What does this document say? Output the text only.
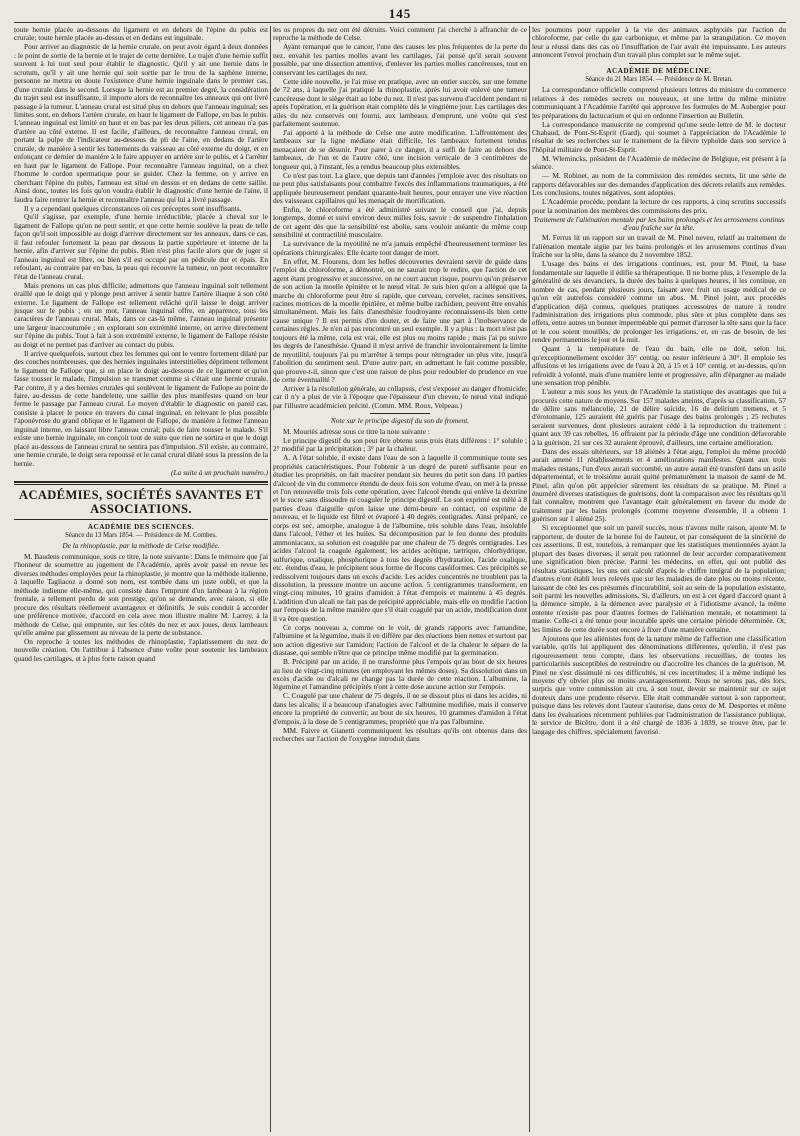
145

toute hernie placée au-dessous du ligament et en dehors de l'épine du pubis est crurale; toute hernie placée au-dessus et en dedans est inguinale.

Pour arriver au diagnostic de la hernie crurale, on peut avoir égard à deux données : le point de sortie de la hernie et le trajet de cette dernière. Le trajet d'une hernie suffit souvent à lui tout seul pour établir le diagnostic. Qu'il y ait une hernie dans le scrotum, qu'il y ait une hernie qui soit sortie par le trou de la saphène interne, personne ne mettra en doute l'existence d'une hernie inguinale dans le premier cas, d'une crurale dans le second. Lorsque la hernie est au premier degré, la considération du trajet seul est insuffisante, il importe alors de reconnaître les anneaux qui ont livré passage à la tumeur. L'anneau crural est situé plus en dehors que l'anneau inguinal; ses limites sont, en dehors l'artère crurale, en haut le ligament de Fallope, en bas le pubis. L'anneau inguinal est limité en haut et en bas par les deux piliers, cet anneau n'a pas d'artère au côté externe. Il est facile, d'ailleurs, de reconnaître l'anneau crural, en portant la pulpe de l'indicateur au-dessous du pli de l'aine, en dedans de l'artère crurale, de manière à sentir les battements du vaisseau au côté externe du doigt, et en enfonçant ce dernier de manière à le faire appuyer en arrière sur le pubis, et à l'arrêter en haut par le ligament de Fallope. Pour reconnaître l'anneau inguinal, on a chez l'homme le cordon spermatique pour se guider. Chez la femme, on y arrive en cherchant l'épine du pubis, l'anneau est situé en dessus et en dedans de cette saillie. Ainsi donc, toutes les fois qu'on voudra établir le diagnostic d'une hernie de l'aine, il faudra faire rentrer la hernie et reconnaître l'anneau qui lui a livré passage.

Il y a cependant quelques circonstances où ces préceptes sont insuffisants.

Qu'il s'agisse, par exemple, d'une hernie irréductible, placée à cheval sur le ligament de Fallope qu'on ne peut sentir, et que cette hernie soulève la peau de telle façon qu'il soit impossible au doigt d'arriver directement sur les anneaux, dans ce cas, il faut refouler fortement la peau par dessous la partie supérieure et interne de la hernie, afin d'arriver sur l'épine du pubis. Rien n'est plus facile alors que de juger si l'anneau inguinal est libre, ou bien s'il est occupé par un pédicule dur et épais. En refoulant, au contraire par en bas, la peau qui recouvre la tumeur, on peut reconnaître l'état de l'anneau crural.

Mais prenons un cas plus difficile; admettons que l'anneau inguinal soit tellement éraillé que le doigt qui y plonge peut arriver à sentir battre l'artère iliaque à son côté externe. Le ligament de Fallope est tellement relâché qu'il laisse le doigt arriver jusque sur le pubis ; en un mot, l'anneau inguinal offre, en apparence, tous les caractères de l'anneau crural. Mais, dans ce cas-là même, l'anneau inguinal présente une largeur inaccoutumée ; en explorant son extrémité interne, on arrive directement sur l'épine du pubis. Tout à fait à son extrémité externe, le ligament de Fallope résiste au doigt et ne permet pas d'arriver au contact du pubis.

Il arrive quelquefois, surtout chez les femmes qui ont le ventre fortement dilaté par des couches nombreuses, que des hernies inguinales interstitielles dépriment tellement le ligament de Fallope que, si on place le doigt au-dessous de ce ligament et qu'on fasse tousser le malade, l'impulsion se transmet comme si c'était une hernie crurale. Par contre, il y a des hernies crurales qui soulèvent le ligament de Fallope au point de faire, au-dessus de cette bandelette, une saillie des plus manifestes quand on leur ferme le passage par l'anneau crural. Le moyen d'établir le diagnostic en pareil cas, consiste à placer le pouce en travers du canal inguinal, en relevant le plus possible l'aponévrose du grand oblique et le ligament de Fallope, de manière à fermer l'anneau inguinal interne, en laissant libre l'anneau crural; puis de faire tousser le malade. S'il existe une hernie inguinale, on conçoit tout de suite que rien ne sortira et que le doigt placé au-dessous de l'anneau crural ne sentira pas d'impulsion. S'il existe, au contraire, une hernie crurale, le doigt sera repoussé et le canal crural dilaté sous la pression de la hernie.

(La suite à un prochain numéro.)

ACADÉMIES, SOCIÉTÉS SAVANTES ET ASSOCIATIONS.

ACADÉMIE DES SCIENCES.

Séance du 13 Mars 1854. — Présidence de M. Combes.

De la rhinoplastie, par la méthode de Celse modifiée.

M. Baudens communique, sous ce titre, la note suivante : Dans le mémoire que j'ai l'honneur de soumettre au jugement de l'Académie, après avoir passé en revue les diverses méthodes employées pour la rhinoplastie, je montre que la méthode italienne, à laquelle Tagliacoz a donné son nom, est tombée dans un juste oubli, et que la méthode indienne elle-même, qui consiste dans l'emprunt d'un lambeau à la région frontale, a tellement perdu de son prestige, qu'on se demande, avec raison, si elle procure des résultats réellement avantageux et définitifs. Je suis conduit à accorder une préférence motivée, d'accord en cela avec mon illustre maître M. Larrey, à la méthode de Celse, qui emprunte, sur les côtés du nez et aux joues, deux lambeaux qu'elle amène par glissement au niveau de la perte de substance.

On reproche à toutes les méthodes de rhinoplastie, l'aplatissement du nez de nouvelle création. On l'attribue à l'absence d'une voûte pour soutenir les lambeaux quand les cartilages, et à plus forte raison quand

les os propres du nez ont été détruits. Voici comment j'ai cherché à affranchir de ce reproche la méthode de Celse.

Ayant remarqué que le cancer, l'une des causes les plus fréquentes de la perte du nez, envahit les parties molles avant les cartilages, j'ai pensé qu'il serait souvent possible, par une dissection attentive, d'enlever les parties molles cancéreuses, tout en conservant les cartilages du nez.

Cette idée nouvelle, je l'ai mise en pratique, avec un entier succès, sur une femme de 72 ans, à laquelle j'ai pratiqué la rhinoplastie, après lui avoir enlevé une tumeur cancéreuse dont le siège était au lobe du nez. Il n'est pas survenu d'accident pendant ni après l'opération, et la guérison était complète dès le vingtième jour. Les cartilages des ailes du nez conservés ont fourni, aux lambeaux d'emprunt, une voûte qui s'est parfaitement soutenue.

J'ai apporté à la méthode de Celse une autre modification. L'affrontement des lambeaux sur la ligne médiane était difficile, les lambeaux fortement tendus menaçaient de se désunir. Pour parer à ce danger, il a suffi de faire au dehors des lambeaux, de l'un et de l'autre côté, une incision verticale de 3 centimètres de longueur qui, à l'instant, les a rendus beaucoup plus extensibles.

Ce n'est pas tout. La glace, que depuis tant d'années j'emploie avec des résultats on ne peut plus satisfaisants pour combattre l'excès des inflammations traumatiques, a été appliquée heureusement pendant quarante-huit heures, pour enrayer une vive réaction des vaisseaux capillaires qui les menaçait de mortification.

Enfin, le chloroforme a été administré suivant le conseil que j'ai, depuis longtemps, donné et suivi environ deux milles fois, savoir : de suspendre l'inhalation de cet agent dès que la sensibilité est abolie, sans vouloir anéantir du même coup sensibilité et contractilité musculaire.

La survivance de la myotilité ne m'a jamais empêché d'heureusement terminer les opérations chirurgicales. Elle écarte tout danger de mort.

En effet, M. Flourens, dont les belles découvertes devraient servir de guide dans l'emploi du chloroforme, a démontré, on ne saurait trop le redire, que l'action de cet agent étant progressive et successive, on ne court aucun risque, pourvu qu'on préserve de son action la moelle épinière et le nœud vital. Je suis bien qu'on a allégué que la marche du chloroforme peut être si rapide, que cerveau, cervelet, racines sensitives, racines motrices de la moelle épinière, et même bulbe rachidien, peuvent être envahis simultanément. Mais les faits d'anesthésie foudroyante reconnaissent-ils bien cette cause unique ? Il est permis d'en douter, et de faire une part à l'inobservance de certaines règles. Je n'en ai pas rencontré un seul exemple. Il y a plus : la mort n'est pas toujours été la même, cela est vrai, elle est plus ou moins rapide ; mais j'ai pu suivre les degrés de l'anesthésie. Quand il m'est arrivé de franchir involontairement la limite de myotilité, toujours j'ai pu m'arrêter à temps pour rétrograder un plus vite, jusqu'à l'abolition du sentiment seul. D'une autre part, en admettant le fait comme possible, que prouve-t-il, sinon que c'est une raison de plus pour redoubler de prudence en vue de cette éventualité ?

Arriver à la résolution générale, au collapsus, c'est s'exposer au danger d'homicide; car il n'y a plus de vie à l'époque que l'épaisseur d'un cheveu, le nœud vital indiqué par l'illustre académicien précité. (Comm. MM. Roux, Velpeau.)

Note sur le principe digestif du son de froment.

M. Mouriès adresse sous ce titre la note suivante :

Le principe digestif du son peut être obtenu sous trois états différens : 1° soluble ; 2° modifié par la précipitation ; 3° par la chaleur.

A. A l'état soluble, il existe dans l'eau de son à laquelle il communique toute ses propriétés caractéristiques. Pour l'obtenir à un degré de pureté suffisante pour en étudier les propriétés, on fait macérer pendant six heures du petit son dans 10 parties d'alcool de vin du commerce étendu de deux fois son volume d'eau, on met à la presse et l'on renouvelle trois fois cette opération, avec l'alcool étendu qui enlève la dextrine et le sucre sans dissoudre ni coaguler le principe digestif. Le son exprimé est mêlé à 8 parties d'eau d'aiguille qu'on laisse une demi-heure en contact, on exprime de nouveau, et le liquide est filtré et évaporé à 40 degrés centigrades. Ainsi préparé, ce corps est sec, amorphe, analogue à de l'albumine, très soluble dans l'eau, insoluble dans l'alcool, l'éther et les huiles. Sa décomposition par le feu donne des produits ammoniacaux, sa solution est coagulée par une chaleur de 75 degrés centigrades. Les acides l'alcool la coagule également; les acides acétique, tartrique, chlorhydrique, sulfurique, oxalique, phosphorique à tous les degrés d'hydratation, l'acide oxalique, etc. étendus d'eau, le précipitent sous forme de flocons caséiformes. Ces précipités se redissolvent toujours dans un excès d'acide. Les acides concentrés ne troublent pas la dissolution, la pressure montre un aucune action. 5 centigrammes transforment, en vingt-cinq minutes, 10 grains d'amidon à l'état d'empois et maintenu à 45 degrés. L'addition d'un alcali ne fait pas de précipité appréciable, mais elle en modifie l'action sur l'empois de la même manière que s'il était coagulé par un acide, modification dont il va être question.

Ce corps nouveau a, comme on le voit, de grands rapports avec l'amandine, l'albumine et la légumine, mais il en diffère par des réactions bien nettes et surtout par son action digestive sur l'amidon; l'action de l'alcool et de la chaleur le sépare de la diastase, qui semble n'être que ce principe même modifié par la germination.

B. Précipité par un acide, il ne transforme plus l'empois qu'au bout de six heures au lieu de vingt-cinq minutes (en employant les mêmes doses). Sa dissolution dans un excès d'acide ou d'alcali ne change pas la durée de cette réaction. L'albumine, la légumine et l'amandine précipités n'ont à cette dose aucune action sur l'empois.

C. Coagulé par une chaleur de 75 degrés, il ne se dissout plus ni dans les acides, ni dans les alcalis; il a beaucoup d'analogies avec l'albumine modifiée, mais il conserve encore la propriété de convertir, au bout de six heures, 10 grammes d'amidon à l'état d'empois, à la dose de 5 centigrammes, propriété que n'a pas l'albumine.

MM. Faivre et Gianetti communiquent les résultats qu'ils ont obtenus dans des recherches sur l'action de l'oxygène introduit dans

les poumons pour rappeler à la vie des animaux asphyxiés par l'action du chloroforme, par celle du gaz carbonique, et même par la strangulation. Ce moyen leur a réussi dans des cas où l'insufflation de l'air avait été impuissante. Les auteurs annoncent l'envoi prochain d'un travail plus complet sur le même sujet.

ACADÉMIE DE MÉDECINE.

Séance du 21 Mars 1854. — Présidence de M. Bretan.

La correspondance officielle comprend plusieurs lettres du ministre du commerce relatives à des remèdes secrets ou nouveaux, et une lettre du même ministre communiquant à l'Académie l'arrêté qui approuve les formules de M. Aubergier pour les préparations du lactucarium et qui en ordonne l'insertion au Bulletin.

La correspondance manuscrite ne comprend qu'une seule lettre de M. le docteur Chabaud, de Pont-St-Esprit (Gard), qui soumet à l'appréciation de l'Académie le résultat de ses recherches sur le traitement de la fièvre typhoïde dans son service à l'hôpital militaire de Pont-St-Esprit.

M. Wlemincks, président de l'Académie de médecine de Belgique, est présent à la séance.

— M. Robinet, au nom de la commission des remèdes secrets, lit une série de rapports défavorables sur des demandes d'application des décrets relatifs aux remèdes. Les conclusions, toutes négatives, sont adoptées.

L'Académie procède, pendant la lecture de ces rapports, à cinq scrutins successifs pour la nomination des membres des commissions des prix.

Traitement de l'aliénation mentale par les bains prolongés et les arrosemens continus d'eau fraîche sur la tête.

M. Ferrus lit un rapport sur un travail de M. Pinel neveu, relatif au traitement de l'aliénation mentale aigüe par les bains prolongés et les arrosemens continus d'eau fraîche sur la tête, dans la séance du 2 novembre 1852.

L'usage des bains et des irrigations continues, est, pour M. Pinel, la base fondamentale sur laquelle il édifie sa thérapeutique. Il ne borne plus, à l'exemple de la généralité de ses devanciers, la durée des bains à quelques heures, il les continue, en nombre de cas, pendant plusieurs jours, faisant avec fruit un usage médical de ce qu'on eût autrefois considéré comme un abus. M. Pinel joint, aux procédés d'application déjà connus, quelques pratiques accessoires de nature à rendre l'administration des irrigations plus commode, plus sûre et plus complète dans ses effets, entre autres un bonnet imperméable qui permet d'arroser la tête sans que la face et le cou soient mouillés, de prolonger les irrigations, et, en cas de besoin, de les rendre permanentes le jour et la nuit.

Quant à la température de l'eau du bain, elle ne doit, selon lui, qu'exceptionnellement excéder 35° centig. ou rester inférieure à 30°. Il emploie les affusions et les irrigations avec de l'eau à 20, à 15 et à 10° centig. et au-dessus, qu'on refroidit à volonté, mais d'une manière lente et progressive, afin d'épargner au malade une sensation trop pénible.

L'auteur a mis sous les yeux de l'Académie la statistique des avantages que lui a procurés cette nature de moyens. Sur 157 malades atteints, d'après sa classification, 57 de délire sans mélancolie, 21 de délire suicide, 16 de delirium tremens, et 5 d'érotomanie, 125 auraient été guéris par l'usage des bains prolongés ; 25 rechutes seraient survenues, dont plusieurs auraient cédé à la reproduction du traitement : quant aux 39 cas rebelles, 16 offraient par la période d'âge une condition défavorable à la guérison, 21 sur ces 32 auraient éprouvé, d'ailleurs, une certaine amélioration.

Dans des essais ultérieurs, sur 18 aliénés à l'état aigu, l'emploi du même procédé aurait amené 11 rétablissements et 4 améliorations manifestes. Quant aux trois malades restans, l'un d'eux aurait succombé, un autre aurait été transféré dans un asile départemental, et le troisième aurait quitté prématurément la maison de santé de M. Pinel, afin qu'on pût apprécier sûrement les résultats de sa pratique. M. Pinel a énuméré diverses statistiques de guérisons, dont la comparaison avec les résultats qu'il fait connaître, montrent que l'avantage était généralement en faveur du mode de traitement par les bains prolongés (comme moyenne d'ensemble, il a obtenu 1 guérison sur 1 aliéné 25).

Si exceptionnel que soit un pareil succès, nous n'avons nulle raison, ajoute M. le rapporteur, de douter de la bonne foi de l'auteur, et par conséquent de la sincérité de ces assertions. Il est, toutefois, à remarquer que les statistiques mentionnées ayant la plupart des bases diverses, il serait peu rationnel de leur accorder comparativement une signification bien précise. Parmi les médecins, en effet, qui ont publié des résultats statistiques, les uns ont calculé d'après le chiffre intégral de la population; d'autres n'ont établi leurs relevés que sur les maladies de date plus ou moins récente, laissant de côté les ces présumés d'incurabilité, soit au sein de la population existante, soit parmi les nouvelles admissions. Si, d'ailleurs, on est à cet égard d'accord quant à la démence simple, à la démence avec paralysie et à l'idiotisme avancé, la même entente n'existe pas pour d'autres formes de l'aliénation mentale, et notamment la manie. Celle-ci a été tenue pour incurable après une certaine période déterminée. Or, les limites de cette durée sont encore à fixer d'une manière certaine.

Ajoutons que les aliénistes font de la nature même de l'affection une classification variable, qu'ils lui appliquent des dénominations différentes, qu'enfin, il n'est pas rigoureusement tenu compte, dans les observations recueillies, de toutes les particularités susceptibles de restreindre ou d'accroître les chances de la guérison. M. Pinel ne s'est dissimulé ni ces difficultés, ni ces incertitudes; il a même indiqué les moyens d'y obvier plus ou moins avantageusement. Nous ne serons pas, dès lors, surpris que votre commission ait cru, à son tour, devoir se maintenir sur ce sujet douteux dans une prudente réserve. Elle était commandée surtout à son rapporteur, puisque dans les relevés dont l'auteur s'autorise, dans ceux de M. Desportes et même dans les évaluations récemment publiées par l'administration de l'assistance publique, le service de Bicêtre, dont il a été chargé de 1836 à 1839, se trouve être, par le langage des chiffres, spécialement favorisé.
